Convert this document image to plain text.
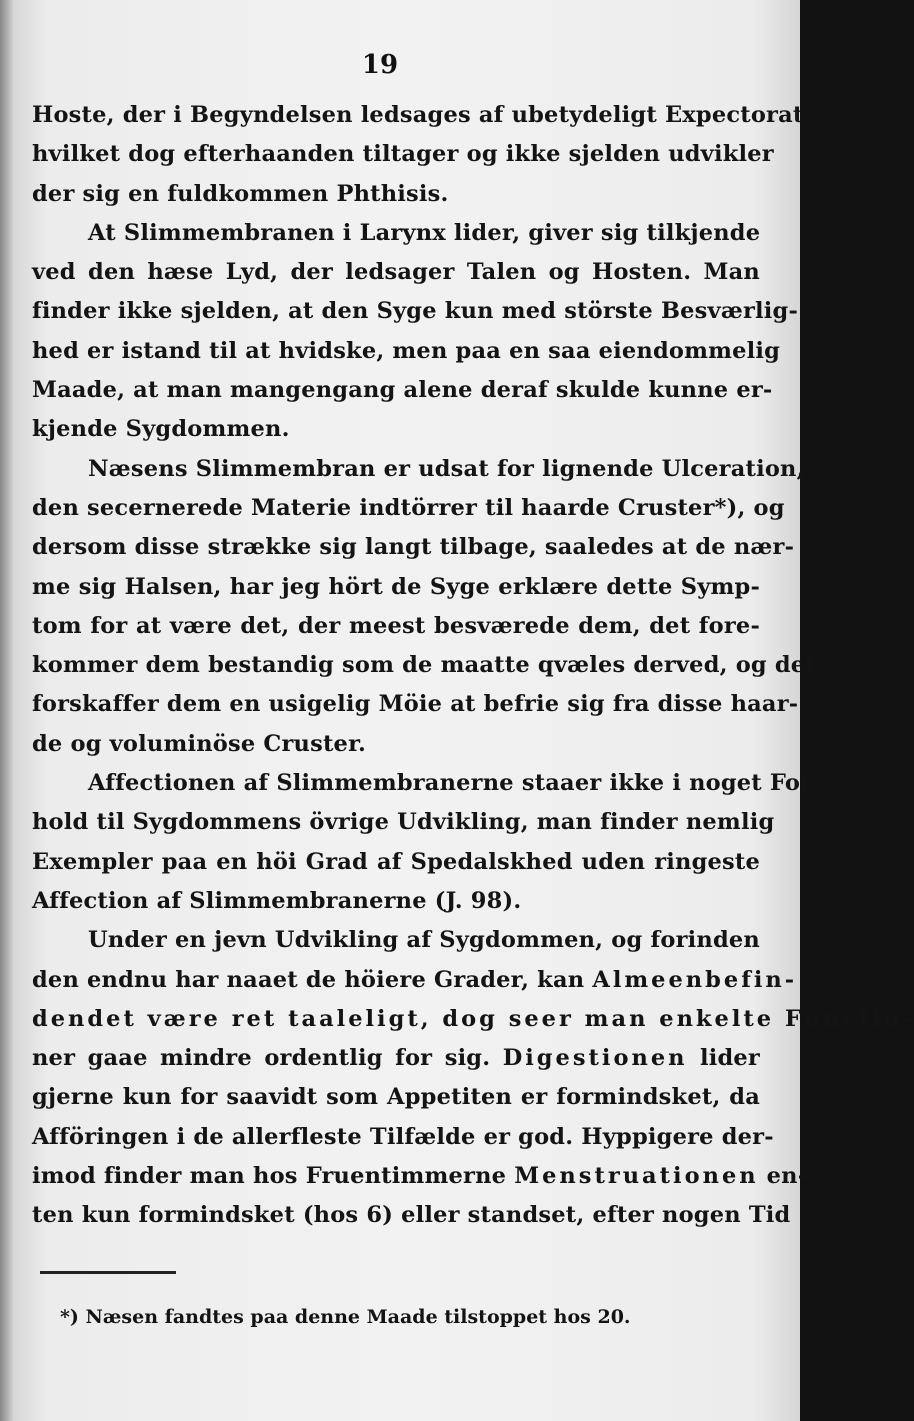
19
Hoste, der i Begyndelsen ledsages af ubetydeligt Expectorat,
hvilket dog efterhaanden tiltager og ikke sjelden udvikler
der sig en fuldkommen Phthisis.
At Slimmembranen i Larynx lider, giver sig tilkjende
ved den hæse Lyd, der ledsager Talen og Hosten. Man
finder ikke sjelden, at den Syge kun med störste Besværlig-
hed er istand til at hvidske, men paa en saa eiendommelig
Maade, at man mangengang alene deraf skulde kunne er-
kjende Sygdommen.
Næsens Slimmembran er udsat for lignende Ulceration,
den secernerede Materie indtörrer til haarde Cruster*), og
dersom disse strække sig langt tilbage, saaledes at de nær-
me sig Halsen, har jeg hört de Syge erklære dette Symp-
tom for at være det, der meest besværede dem, det fore-
kommer dem bestandig som de maatte qvæles derved, og det
forskaffer dem en usigelig Möie at befrie sig fra disse haar-
de og voluminöse Cruster.
Affectionen af Slimmembranerne staaer ikke i noget For-
hold til Sygdommens övrige Udvikling, man finder nemlig
Exempler paa en höi Grad af Spedalskhed uden ringeste
Affection af Slimmembranerne (J. 98).
Under en jevn Udvikling af Sygdommen, og forinden
den endnu har naaet de höiere Grader, kan Almeenbefin-
dendet være ret taaleligt, dog seer man enkelte Functio-
ner gaae mindre ordentlig for sig. Digestionen lider
gjerne kun for saavidt som Appetiten er formindsket, da
Afföringen i de allerfleste Tilfælde er god. Hyppigere der-
imod finder man hos Fruentimmerne Menstruationen en-
ten kun formindsket (hos 6) eller standset, efter nogen Tid
*) Næsen fandtes paa denne Maade tilstoppet hos 20.
